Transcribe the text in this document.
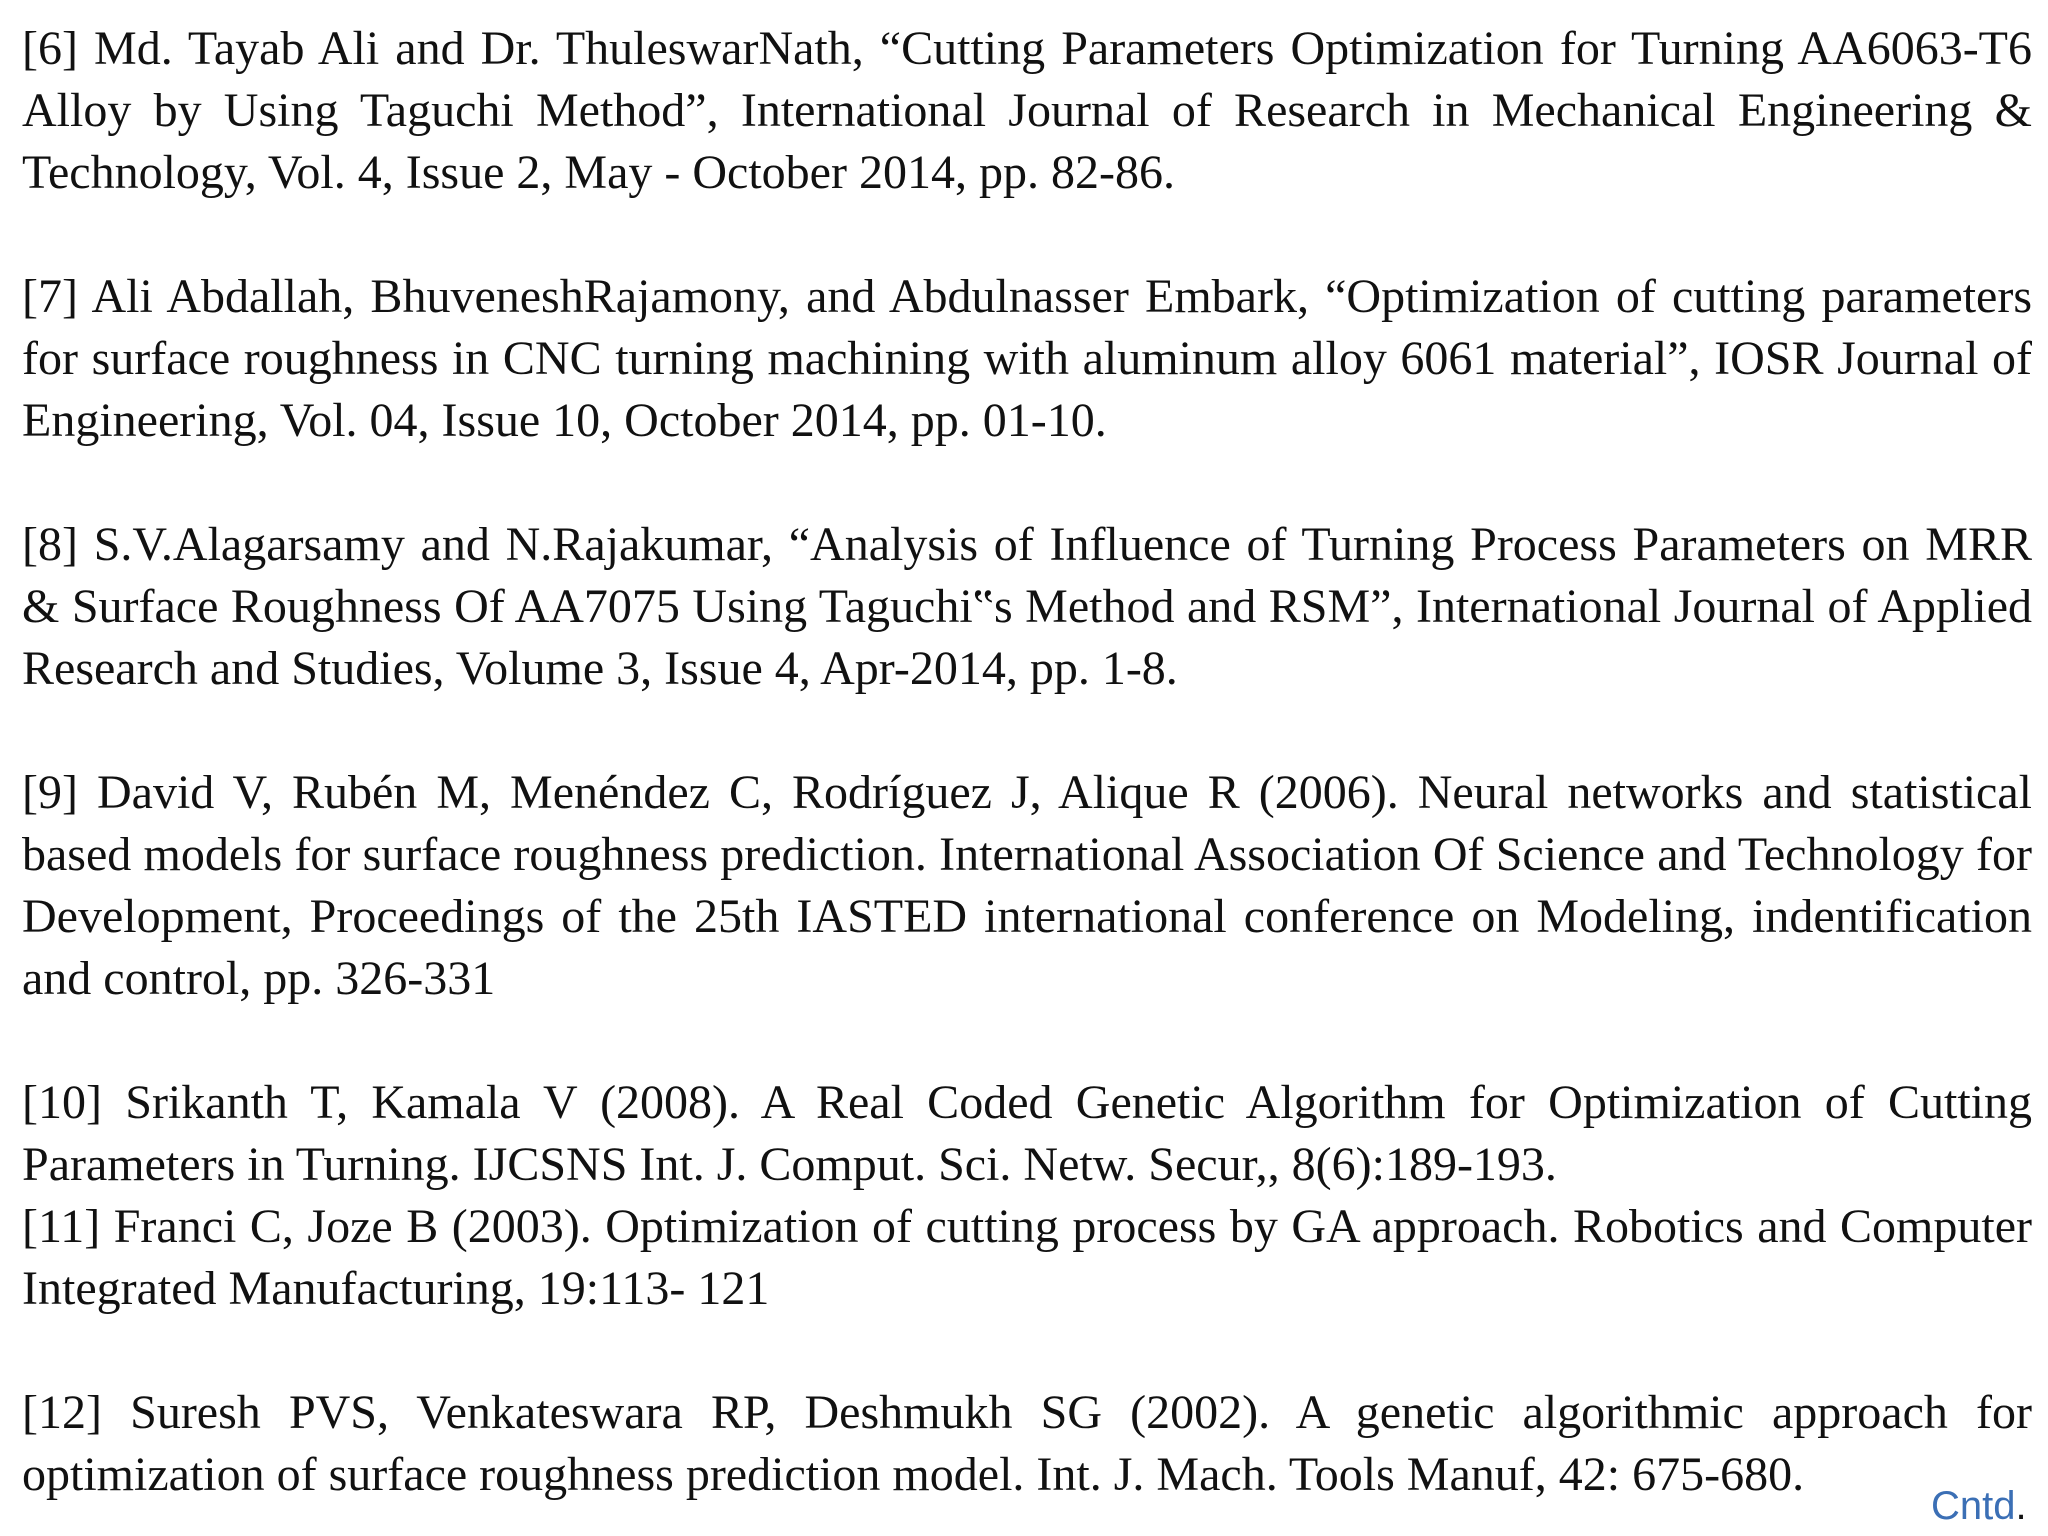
[6] Md. Tayab Ali and Dr. ThuleswarNath, “Cutting Parameters Optimization for Turning AA6063-T6 Alloy by Using Taguchi Method”, International Journal of Research in Mechanical Engineering & Technology, Vol. 4, Issue 2, May - October 2014, pp. 82-86.

[7] Ali Abdallah, BhuveneshRajamony, and Abdulnasser Embark, “Optimization of cutting parameters for surface roughness in CNC turning machining with aluminum alloy 6061 material”, IOSR Journal of Engineering, Vol. 04, Issue 10, October 2014, pp. 01-10.

[8] S.V.Alagarsamy and N.Rajakumar, “Analysis of Influence of Turning Process Parameters on MRR & Surface Roughness Of AA7075 Using Taguchi‟s Method and RSM”, International Journal of Applied Research and Studies, Volume 3, Issue 4, Apr-2014, pp. 1-8.

[9] David V, Rubén M, Menéndez C, Rodríguez J, Alique R (2006). Neural networks and statistical based models for surface roughness prediction. International Association Of Science and Technology for Development, Proceedings of the 25th IASTED international conference on Modeling, indentification and control, pp. 326-331

[10] Srikanth T, Kamala V (2008). A Real Coded Genetic Algorithm for Optimization of Cutting Parameters in Turning. IJCSNS Int. J. Comput. Sci. Netw. Secur,, 8(6):189-193.

[11] Franci C, Joze B (2003). Optimization of cutting process by GA approach. Robotics and Computer Integrated Manufacturing, 19:113- 121

[12] Suresh PVS, Venkateswara RP, Deshmukh SG (2002). A genetic algorithmic approach for optimization of surface roughness prediction model. Int. J. Mach. Tools Manuf, 42: 675-680.

Cntd.
